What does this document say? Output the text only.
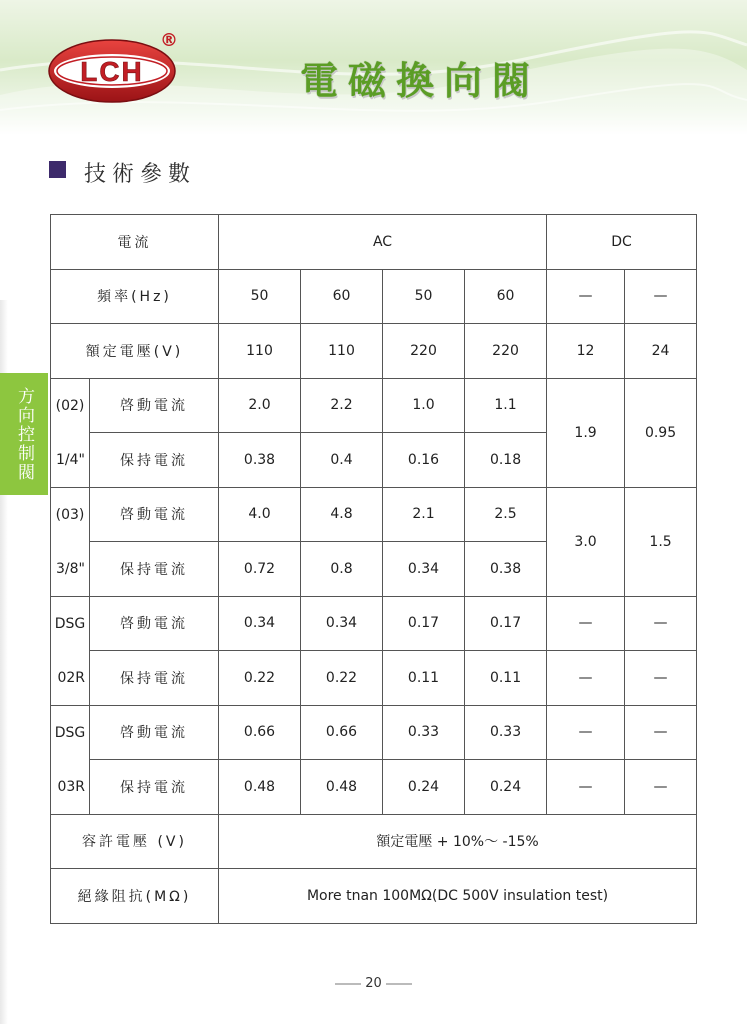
LCH
®
電磁換向閥
技術參數
方向控制閥
電流		AC				DC	
頻率(Hz)		50	60	50	60	—	—
額定電壓(V)		110	110	220	220	12	24
(02)	啓動電流	2.0	2.2	1.0	1.1	1.9	0.95
1/4"	保持電流	0.38	0.4	0.16	0.18		
(03)	啓動電流	4.0	4.8	2.1	2.5	3.0	1.5
3/8"	保持電流	0.72	0.8	0.34	0.38		
DSG	啓動電流	0.34	0.34	0.17	0.17	—	—
02R	保持電流	0.22	0.22	0.11	0.11	—	—
DSG	啓動電流	0.66	0.66	0.33	0.33	—	—
03R	保持電流	0.48	0.48	0.24	0.24	—	—
容許電壓 (V)		額定電壓 + 10%～ -15%					
絕緣阻抗(MΩ)		More tnan 100MΩ(DC 500V insulation test)					
20
